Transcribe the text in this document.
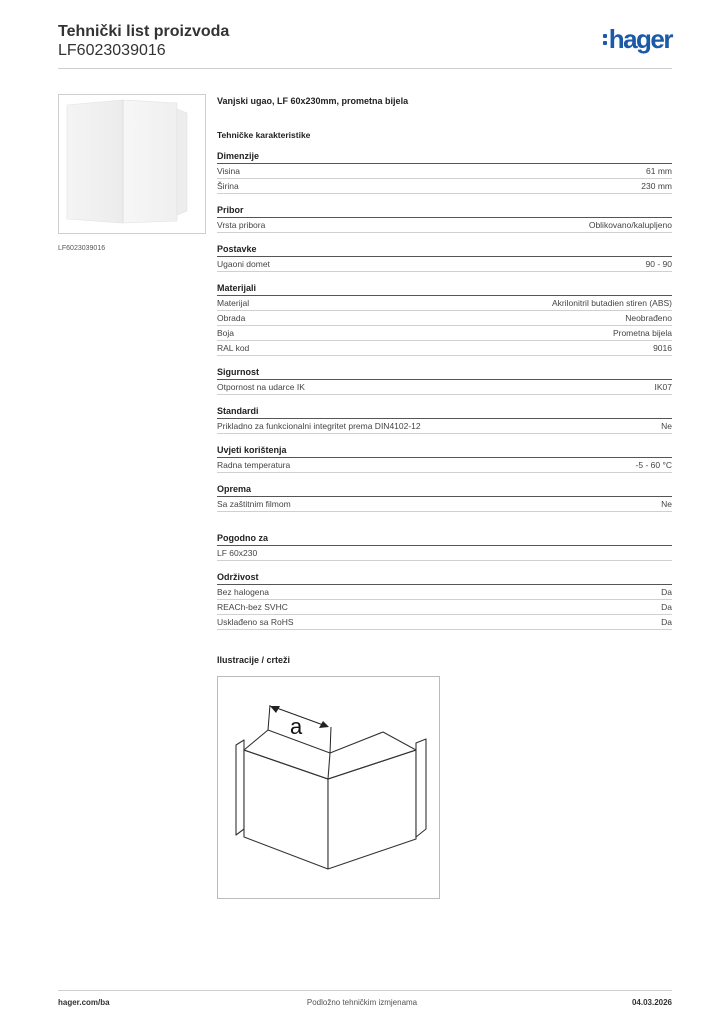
Tehnički list proizvoda
LF6023039016	hager
LF6023039016
Vanjski ugao, LF 60x230mm, prometna bijela
Tehničke karakteristike
Dimenzije
Visina	61 mm
Širina	230 mm
Pribor
Vrsta pribora	Oblikovano/kalupljeno
Postavke
Ugaoni domet	90 - 90
Materijali
Materijal	Akrilonitril butadien stiren (ABS)
Obrada	Neobrađeno
Boja	Prometna bijela
RAL kod	9016
Sigurnost
Otpornost na udarce IK	IK07
Standardi
Prikladno za funkcionalni integritet prema DIN4102-12	Ne
Uvjeti korištenja
Radna temperatura	-5 - 60 °C
Oprema
Sa zaštitnim filmom	Ne
Pogodno za
LF 60x230
Održivost
Bez halogena	Da
REACh-bez SVHC	Da
Usklađeno sa RoHS	Da
Ilustracije / crteži
a
hager.com/ba	Podložno tehničkim izmjenama	04.03.2026
